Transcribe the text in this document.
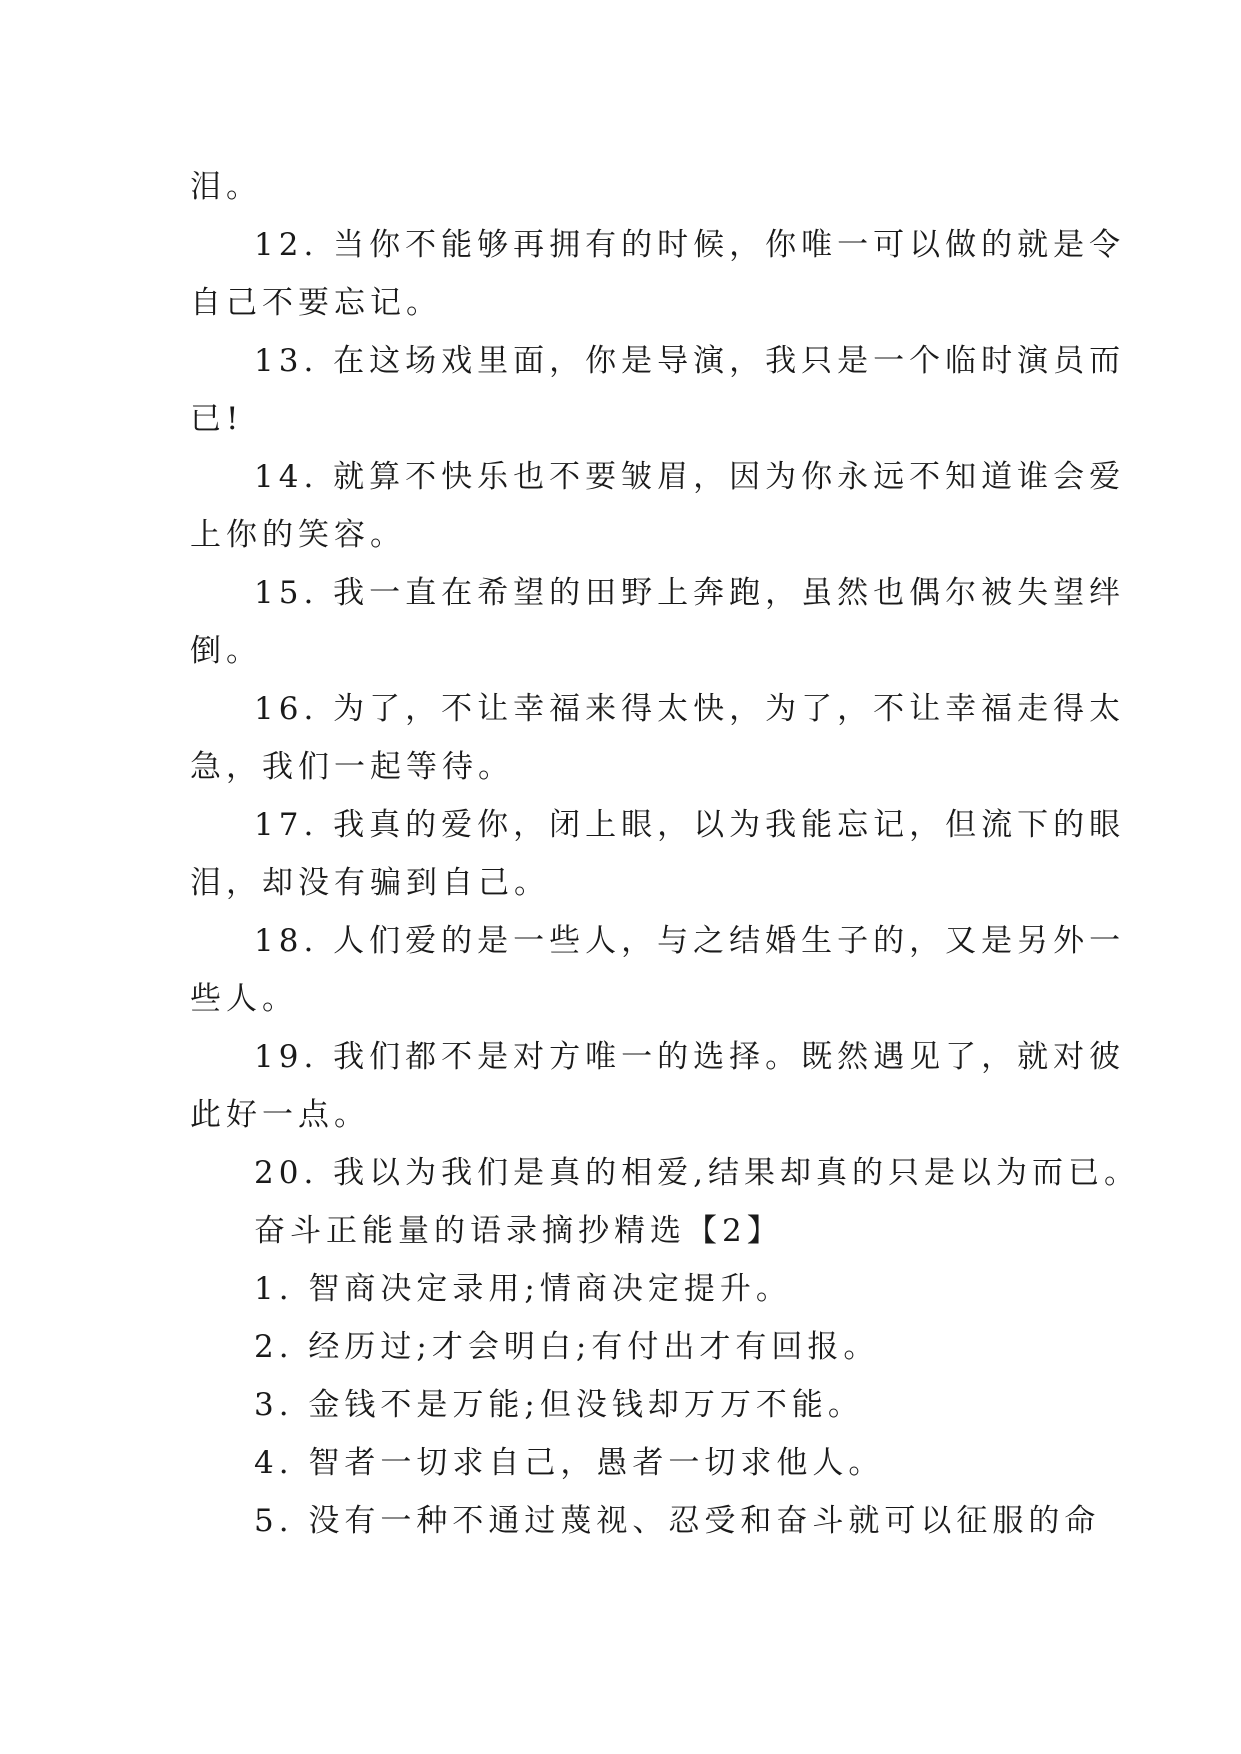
泪。
12. 当你不能够再拥有的时候，你唯一可以做的就是令
自己不要忘记。
13. 在这场戏里面，你是导演，我只是一个临时演员而
已!
14. 就算不快乐也不要皱眉，因为你永远不知道谁会爱
上你的笑容。
15. 我一直在希望的田野上奔跑，虽然也偶尔被失望绊
倒。
16. 为了，不让幸福来得太快，为了，不让幸福走得太
急，我们一起等待。
17. 我真的爱你，闭上眼，以为我能忘记，但流下的眼
泪，却没有骗到自己。
18. 人们爱的是一些人，与之结婚生子的，又是另外一
些人。
19. 我们都不是对方唯一的选择。既然遇见了，就对彼
此好一点。
20. 我以为我们是真的相爱,结果却真的只是以为而已。
奋斗正能量的语录摘抄精选【2】
1. 智商决定录用;情商决定提升。
2. 经历过;才会明白;有付出才有回报。
3. 金钱不是万能;但没钱却万万不能。
4. 智者一切求自己，愚者一切求他人。
5. 没有一种不通过蔑视、忍受和奋斗就可以征服的命
